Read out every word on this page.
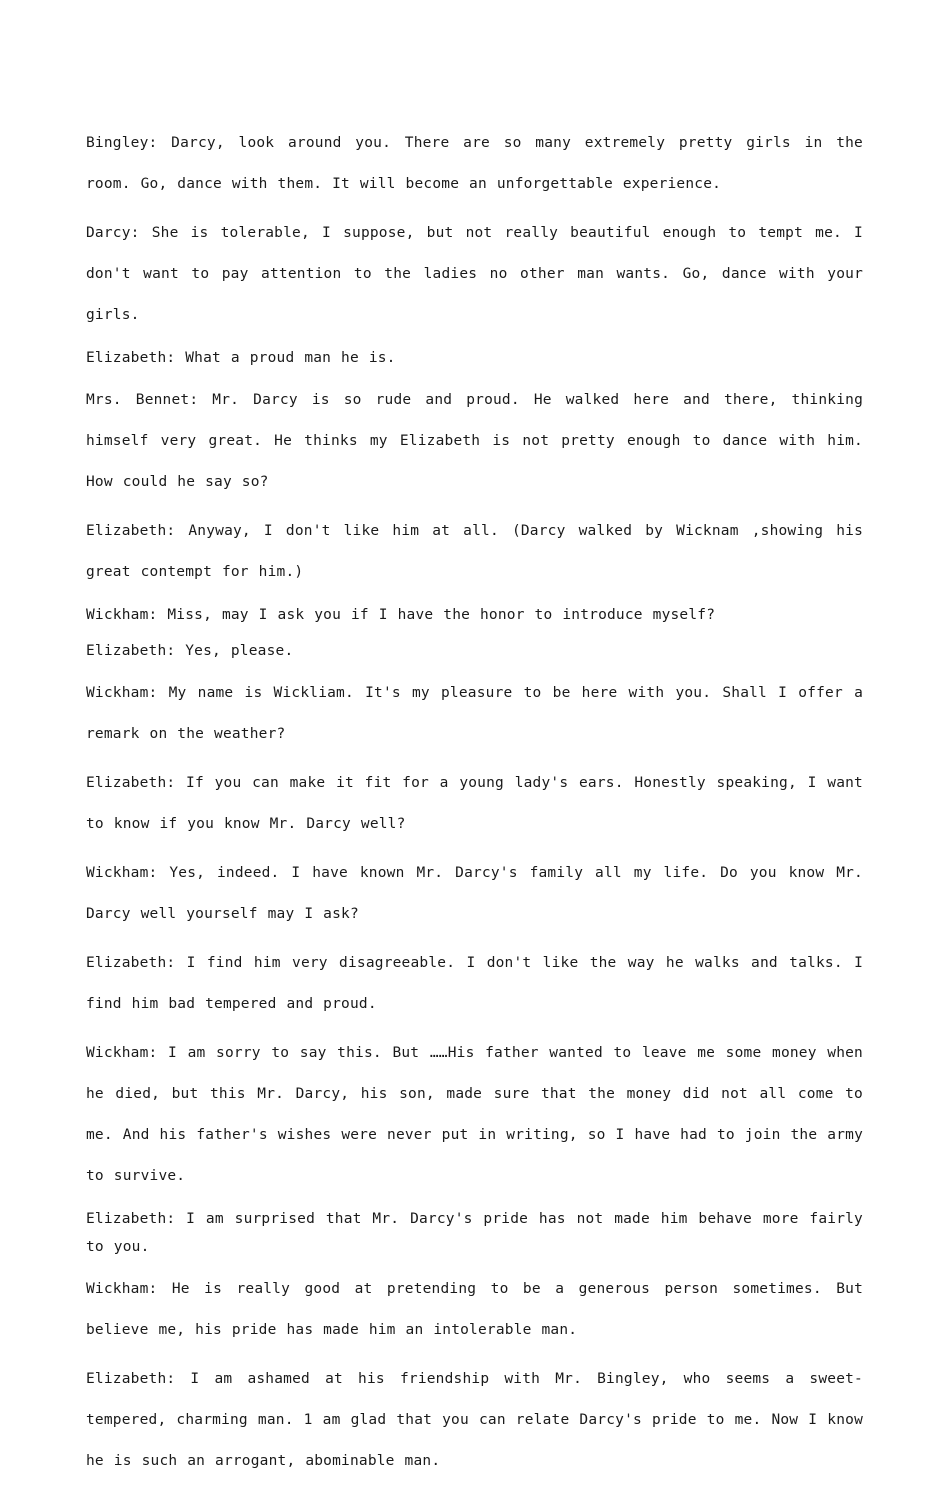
Bingley: Darcy, look around you. There are so many extremely pretty girls in the room. Go, dance with them. It will become an unforgettable experience.

Darcy: She is tolerable, I suppose, but not really beautiful enough to tempt me. I don't want to pay attention to the ladies no other man wants. Go, dance with your girls.

Elizabeth: What a proud man he is.

Mrs. Bennet: Mr. Darcy is so rude and proud. He walked here and there, thinking himself very great. He thinks my Elizabeth is not pretty enough to dance with him. How could he say so?

Elizabeth: Anyway, I don't like him at all. (Darcy walked by Wicknam ,showing his great contempt for him.)

Wickham: Miss, may I ask you if I have the honor to introduce myself?

Elizabeth: Yes, please.

Wickham: My name is Wickliam. It's my pleasure to be here with you. Shall I offer a remark on the weather?

Elizabeth: If you can make it fit for a young lady's ears. Honestly speaking, I want to know if you know Mr. Darcy well?

Wickham: Yes, indeed. I have known Mr. Darcy's family all my life. Do you know Mr. Darcy well yourself may I ask?

Elizabeth: I find him very disagreeable. I don't like the way he walks and talks. I find him bad tempered and proud.

Wickham: I am sorry to say this. But ……His father wanted to leave me some money when he died, but this Mr. Darcy, his son, made sure that the money did not all come to me. And his father's wishes were never put in writing, so I have had to join the army to survive.

Elizabeth: I am surprised that Mr. Darcy's pride has not made him behave more fairly to you.

Wickham: He is really good at pretending to be a generous person sometimes. But believe me, his pride has made him an intolerable man.

Elizabeth: I am ashamed at his friendship with Mr. Bingley, who seems a sweet-tempered, charming man. 1 am glad that you can relate Darcy's pride to me. Now I know he is such an arrogant, abominable man.
